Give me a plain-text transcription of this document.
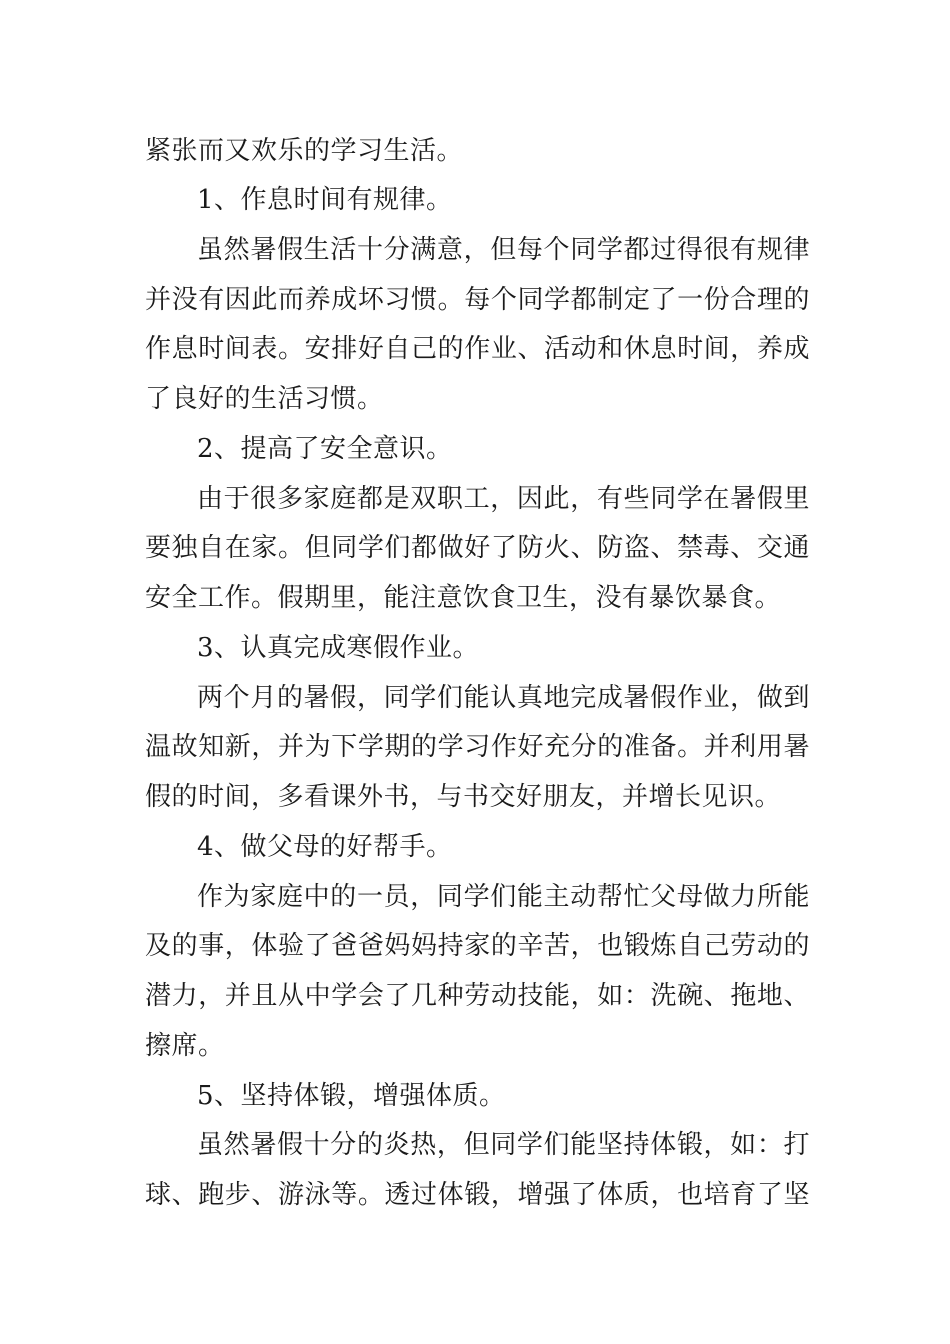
紧张而又欢乐的学习生活。
1、作息时间有规律。
虽然暑假生活十分满意，但每个同学都过得很有规律
并没有因此而养成坏习惯。每个同学都制定了一份合理的
作息时间表。安排好自己的作业、活动和休息时间，养成
了良好的生活习惯。
2、提高了安全意识。
由于很多家庭都是双职工，因此，有些同学在暑假里
要独自在家。但同学们都做好了防火、防盗、禁毒、交通
安全工作。假期里，能注意饮食卫生，没有暴饮暴食。
3、认真完成寒假作业。
两个月的暑假，同学们能认真地完成暑假作业，做到
温故知新，并为下学期的学习作好充分的准备。并利用暑
假的时间，多看课外书，与书交好朋友，并增长见识。
4、做父母的好帮手。
作为家庭中的一员，同学们能主动帮忙父母做力所能
及的事，体验了爸爸妈妈持家的辛苦，也锻炼自己劳动的
潜力，并且从中学会了几种劳动技能，如：洗碗、拖地、
擦席。
5、坚持体锻，增强体质。
虽然暑假十分的炎热，但同学们能坚持体锻，如：打
球、跑步、游泳等。透过体锻，增强了体质，也培育了坚
